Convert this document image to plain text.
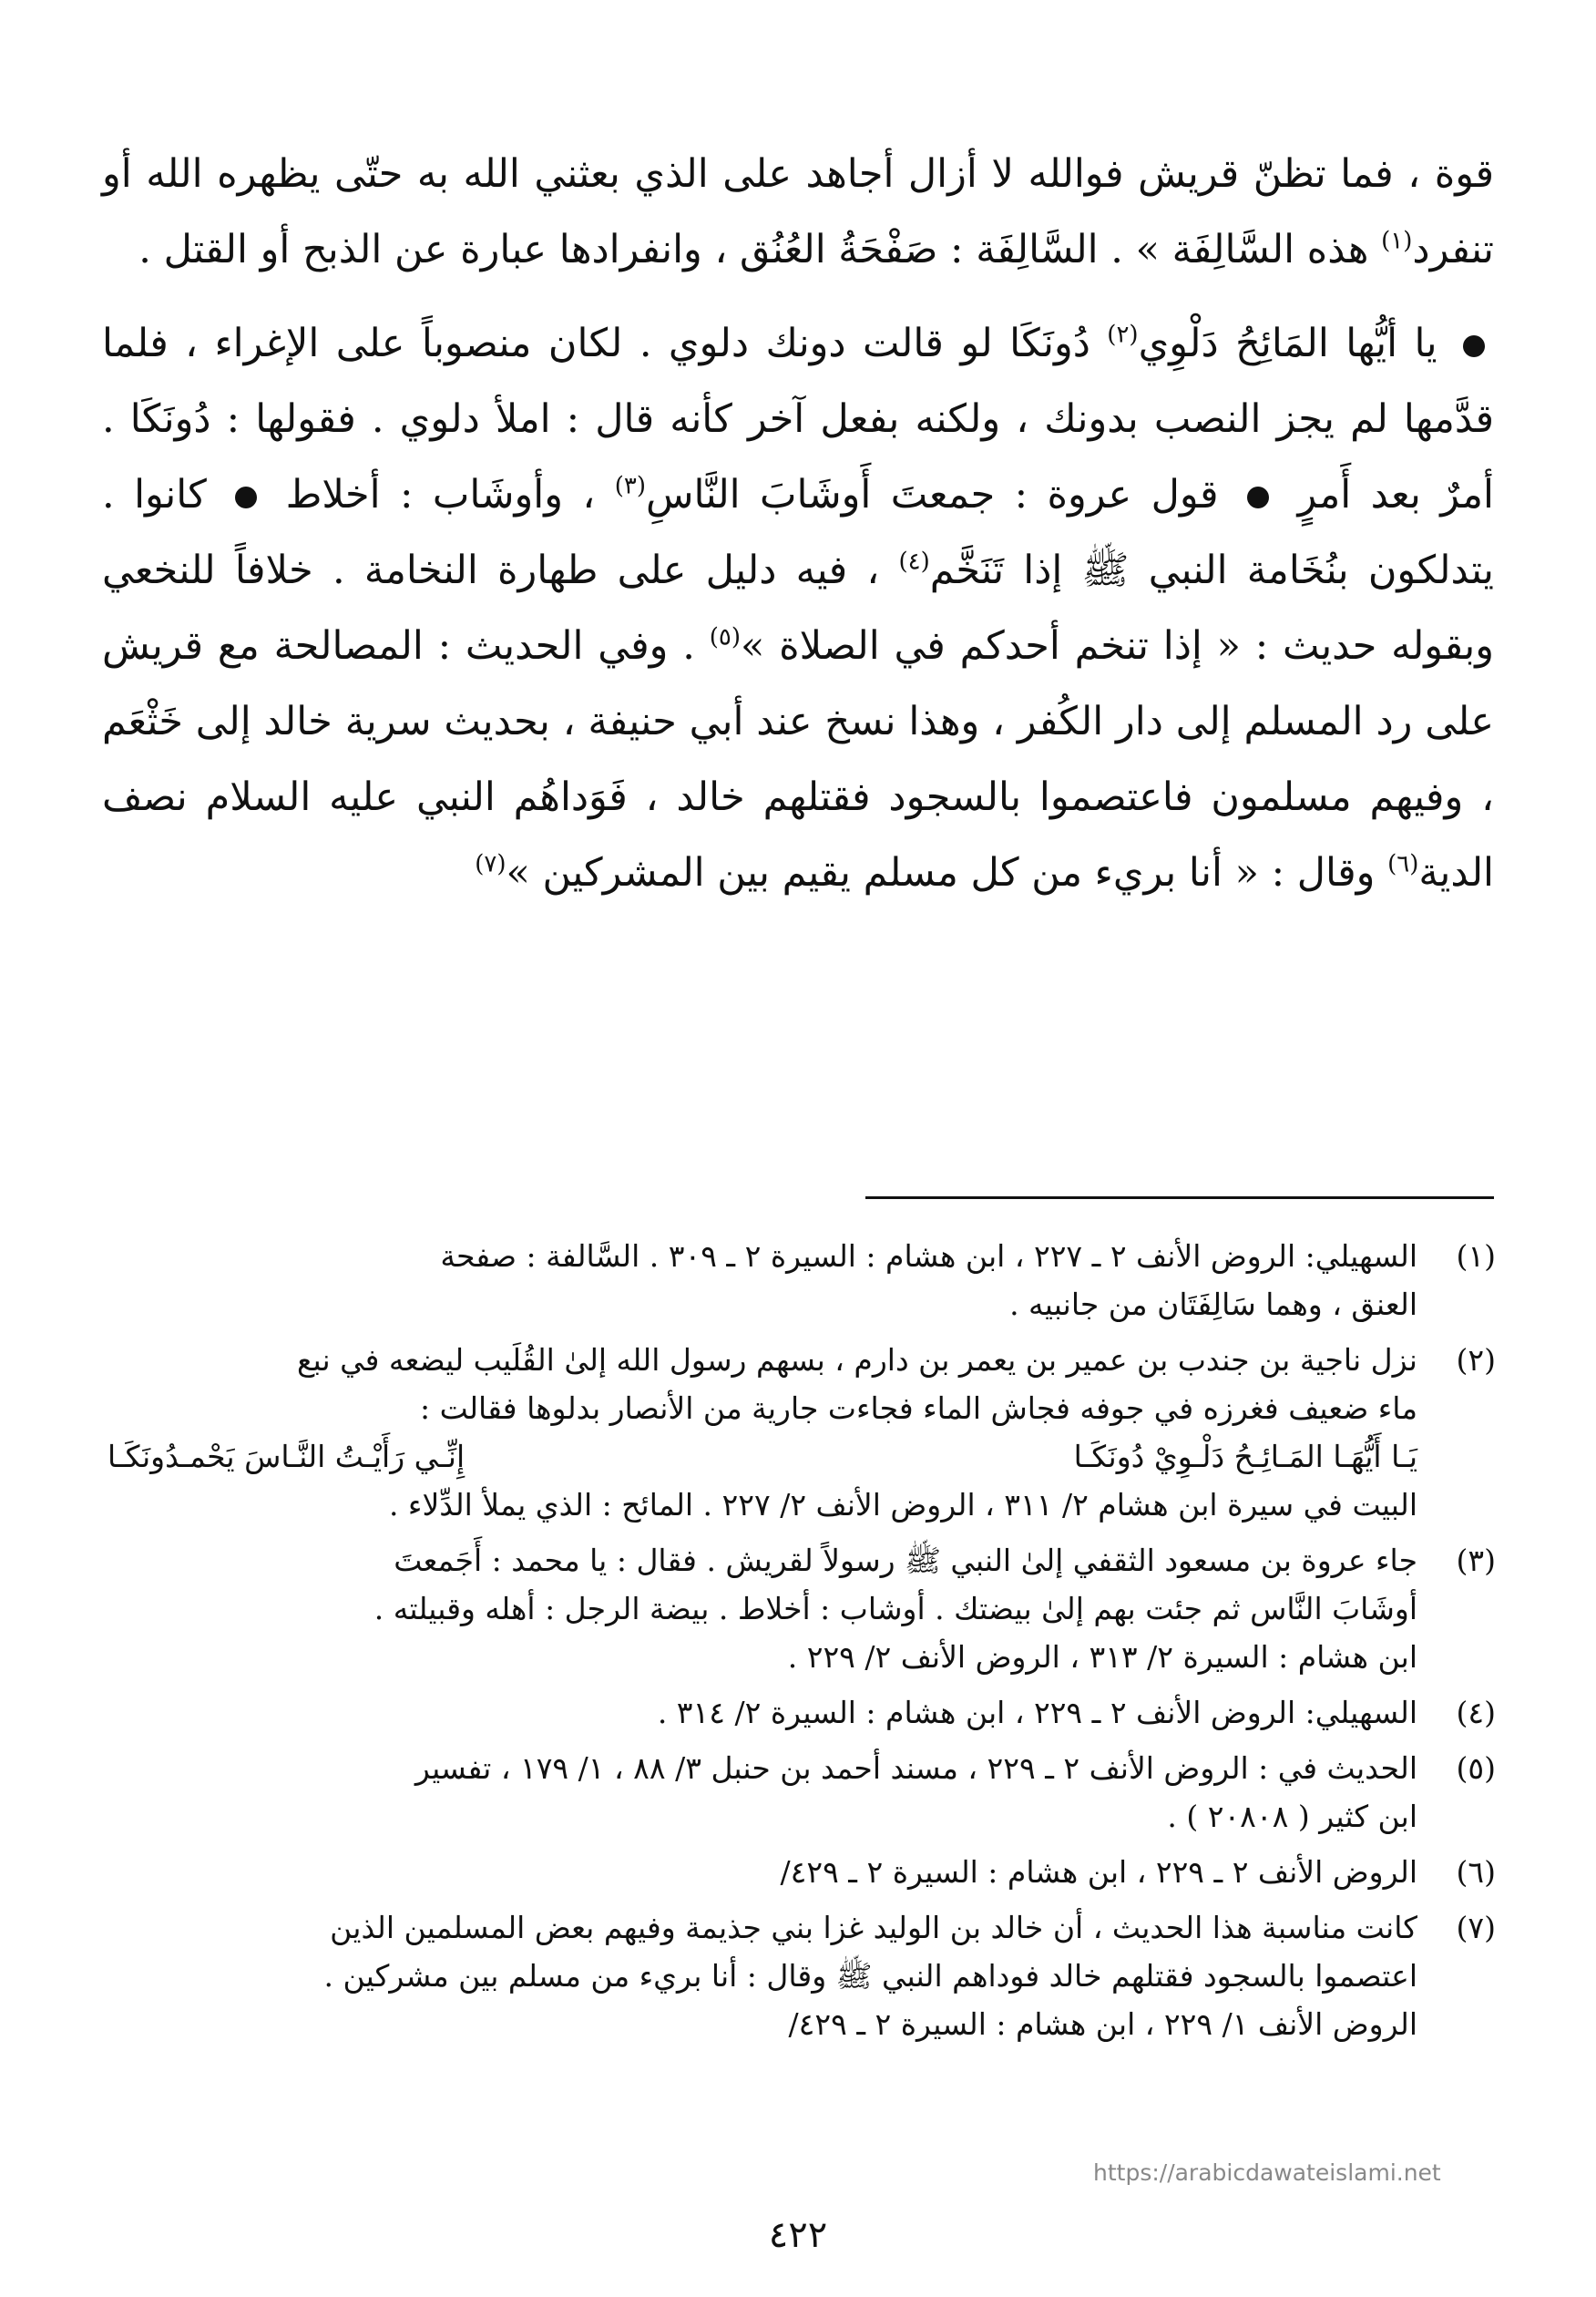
قوة ، فما تظنّ قريش فوالله لا أزال أجاهد على الذي بعثني الله به حتّى يظهره الله أو تنفرد$^{(١)}$ هذه السَّالِفَة » . السَّالِفَة : صَفْحَةُ العُنُق ، وانفرادها عبارة عن الذبح أو القتل .

يا أيُّها المَائِحُ دَلْوِي$^{(٢)}$ دُونَكَا لو قالت دونك دلوي . لكان منصوباً على الإغراء ، فلما قدَّمها لم يجز النصب بدونك ، ولكنه بفعل آخر كأنه قال : املأ دلوي . فقولها : دُونَكَا . أمرٌ بعد أَمرٍ  قول عروة : جمعتَ أَوشَابَ النَّاسِ$^{(٣)}$ ، وأوشَاب : أخلاط  كانوا . يتدلكون بنُخَامة النبي ﷺ إذا تَنَخَّم$^{(٤)}$ ، فيه دليل على طهارة النخامة . خلافاً للنخعي وبقوله حديث : « إذا تنخم أحدكم في الصلاة »$^{(٥)}$ . وفي الحديث : المصالحة مع قريش على رد المسلم إلى دار الكُفر ، وهذا نسخ عند أبي حنيفة ، بحديث سرية خالد إلى خَثْعَم ، وفيهم مسلمون فاعتصموا بالسجود فقتلهم خالد ، فَوَداهُم النبي عليه السلام نصف الدية$^{(٦)}$ وقال : « أنا بريء من كل مسلم يقيم بين المشركين »$^{(٧)}$

(١)
السهيلي: الروض الأنف ٢ ـ ٢٢٧ ، ابن هشام : السيرة ٢ ـ ٣٠٩ . السَّالفة : صفحة
العنق ، وهما سَالِفَتَان من جانبيه .
(٢)
نزل ناجية بن جندب بن عمير بن يعمر بن دارم ، بسهم رسول الله إلىٰ القُلَيب ليضعه في نبع
ماء ضعيف فغرزه في جوفه فجاش الماء فجاءت جارية من الأنصار بدلوها فقالت :
يَـا أَيُّهَـا المَـائِـحُ دَلْـوِيْ دُونَكَـا
إِنِّـي رَأَيْـتُ النَّـاسَ يَحْمـدُونَكَـا
البيت في سيرة ابن هشام ٢/ ٣١١ ، الروض الأنف ٢/ ٢٢٧ . المائح : الذي يملأ الدِّلاء .
(٣)
جاء عروة بن مسعود الثقفي إلىٰ النبي ﷺ رسولاً لقريش . فقال : يا محمد : أَجَمعتَ
أوشَابَ النَّاس ثم جئت بهم إلىٰ بيضتك . أوشاب : أخلاط . بيضة الرجل : أهله وقبيلته .
ابن هشام : السيرة ٢/ ٣١٣ ، الروض الأنف ٢/ ٢٢٩ .
(٤)
السهيلي: الروض الأنف ٢ ـ ٢٢٩ ، ابن هشام : السيرة ٢/ ٣١٤ .
(٥)
الحديث في : الروض الأنف ٢ ـ ٢٢٩ ، مسند أحمد بن حنبل ٣/ ٨٨ ، ١/ ١٧٩ ، تفسير
ابن كثير ( ٢٠٨٠٨ ) .
(٦)
الروض الأنف ٢ ـ ٢٢٩ ، ابن هشام : السيرة ٢ ـ ٤٢٩/
(٧)
كانت مناسبة هذا الحديث ، أن خالد بن الوليد غزا بني جذيمة وفيهم بعض المسلمين الذين
اعتصموا بالسجود فقتلهم خالد فوداهم النبي ﷺ وقال : أنا بريء من مسلم بين مشركين .
الروض الأنف ١/ ٢٢٩ ، ابن هشام : السيرة ٢ ـ ٤٢٩/
https://arabicdawateislami.net
٤٢٢
